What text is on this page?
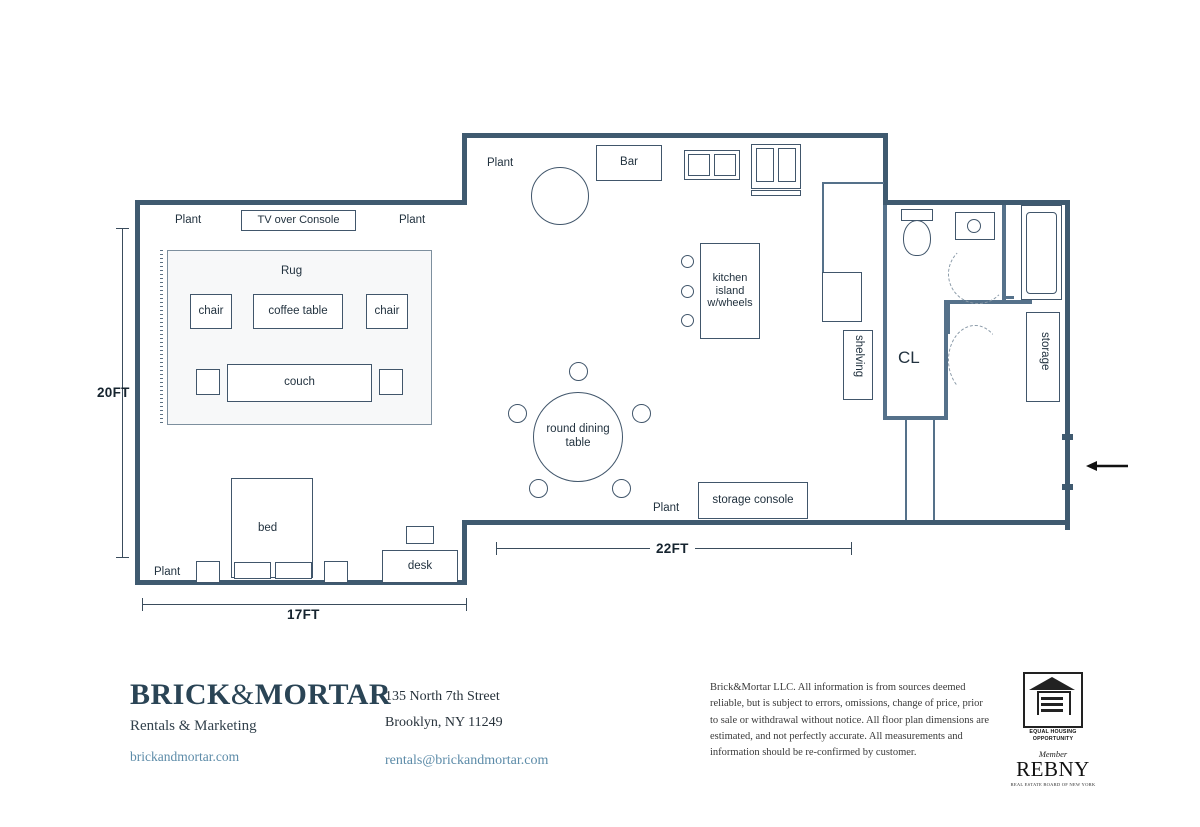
Rug
chair	coffee table	chair
couch
Plant	TV over Console	Plant
bed
Plant
desk
Plant	Bar
kitchen island w/wheels
round dining table
Plant
storage console
shelving CL	storage
20FT
17FT
22FT
BRICK&MORTAR
Rentals & Marketing
brickandmortar.com
135 North 7th Street
Brooklyn, NY 11249
rentals@brickandmortar.com
Brick&Mortar LLC. All information is from sources deemed reliable, but is subject to errors, omissions, change of price, prior to sale or withdrawal without notice. All floor plan dimensions are estimated, and not perfectly accurate. All measurements and information should be re-confirmed by customer.
EQUAL HOUSING
OPPORTUNITY
Member
REBNY
REAL ESTATE BOARD OF NEW YORK
